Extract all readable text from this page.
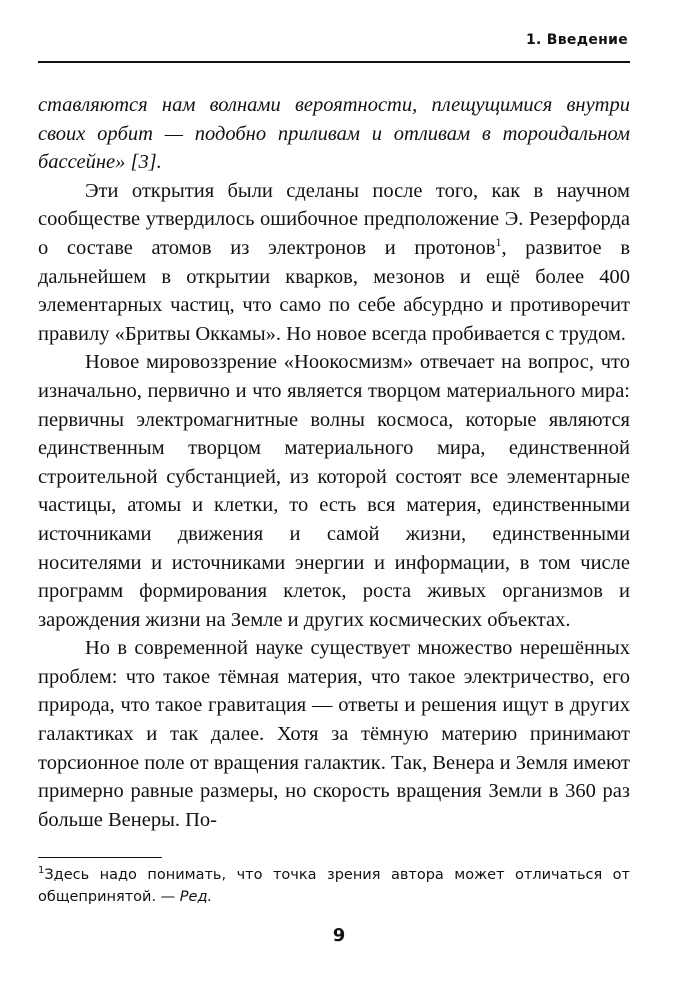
1. Введение

ставляются нам волнами вероятности, плещущимися внутри своих орбит — подобно приливам и отливам в тороидальном бассейне» [3].

Эти открытия были сделаны после того, как в научном сообществе утвердилось ошибочное предположение Э. Резерфорда о составе атомов из электронов и протонов$^1$, развитое в дальнейшем в открытии кварков, мезонов и ещё более 400 элементарных частиц, что само по себе абсурдно и противоречит правилу «Бритвы Оккамы». Но новое всегда пробивается с трудом.

Новое мировоззрение «Ноокосмизм» отвечает на вопрос, что изначально, первично и что является творцом материального мира: первичны электромагнитные волны космоса, которые являются единственным творцом материального мира, единственной строительной субстанцией, из которой состоят все элементарные частицы, атомы и клетки, то есть вся материя, единственными источниками движения и самой жизни, единственными носителями и источниками энергии и информации, в том числе программ формирования клеток, роста живых организмов и зарождения жизни на Земле и других космических объектах.

Но в современной науке существует множество нерешённых проблем: что такое тёмная материя, что такое электричество, его природа, что такое гравитация — ответы и решения ищут в других галактиках и так далее. Хотя за тёмную материю принимают торсионное поле от вращения галактик. Так, Венера и Земля имеют примерно равные размеры, но скорость вращения Земли в 360 раз больше Венеры. По-

$^1$Здесь надо понимать, что точка зрения автора может отличаться от общепринятой. — Ред.
9
